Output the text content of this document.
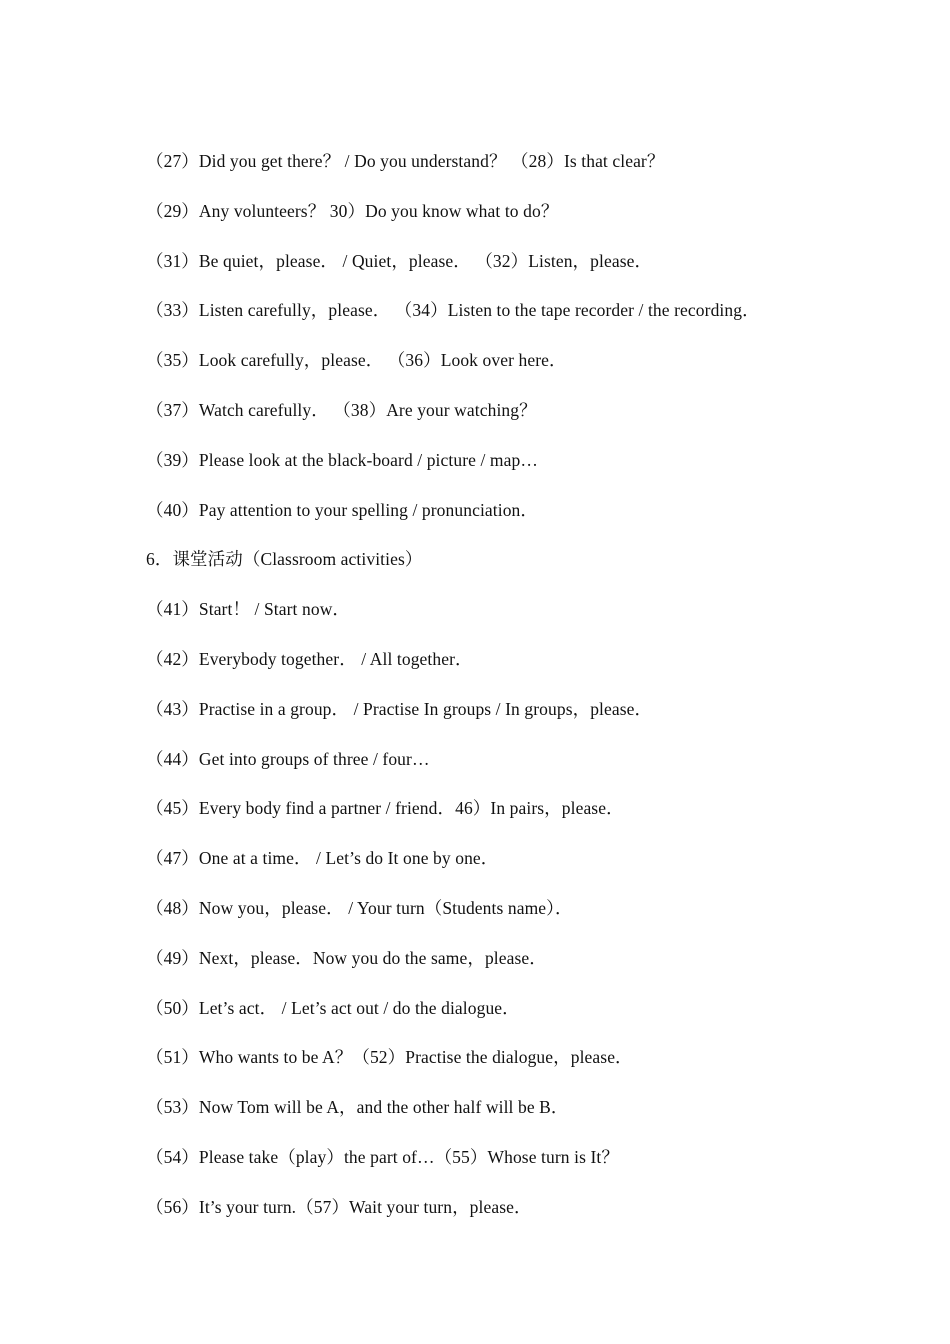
（27）Did you get there？ / Do you understand？ （28）Is that clear？
（29）Any volunteers？ 30）Do you know what to do？
（31）Be quiet，please． / Quiet，please． （32）Listen，please．
（33）Listen carefully，please． （34）Listen to the tape recorder / the recording．
（35）Look carefully，please． （36）Look over here．
（37）Watch carefully． （38）Are your watching？
（39）Please look at the black-board / picture / map…
（40）Pay attention to your spelling / pronunciation．
6．课堂活动（Classroom activities）
（41）Start！ / Start now．
（42）Everybody together． / All together．
（43）Practise in a group． / Practise In groups / In groups，please．
（44）Get into groups of three / four…
（45）Every body find a partner / friend．46）In pairs，please．
（47）One at a time． / Let’s do It one by one．
（48）Now you，please． / Your turn（Students name）．
（49）Next，please．Now you do the same，please．
（50）Let’s act． / Let’s act out / do the dialogue．
（51）Who wants to be A？（52）Practise the dialogue，please．
（53）Now Tom will be A，and the other half will be B．
（54）Please take（play）the part of…（55）Whose turn is It？
（56）It’s your turn.（57）Wait your turn，please．
